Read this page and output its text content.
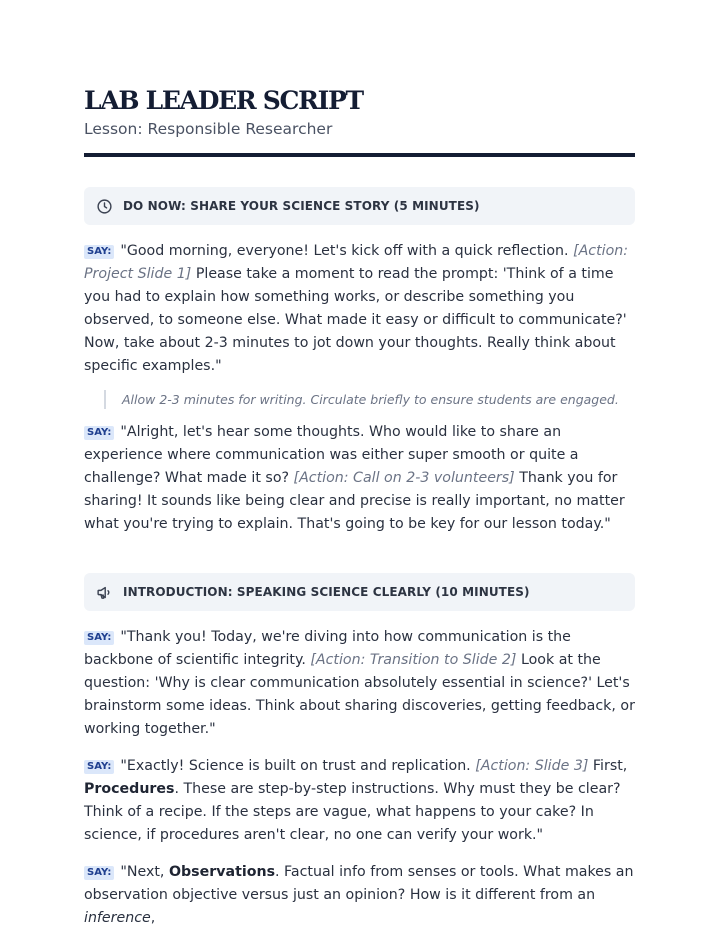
LAB LEADER SCRIPT
Lesson: Responsible Researcher
DO NOW: SHARE YOUR SCIENCE STORY (5 MINUTES)

SAY: "Good morning, everyone! Let's kick off with a quick reflection. [Action: Project Slide 1] Please take a moment to read the prompt: 'Think of a time you had to explain how something works, or describe something you observed, to someone else. What made it easy or difficult to communicate?' Now, take about 2-3 minutes to jot down your thoughts. Really think about specific examples."

Allow 2-3 minutes for writing. Circulate briefly to ensure students are engaged.

SAY: "Alright, let's hear some thoughts. Who would like to share an experience where communication was either super smooth or quite a challenge? What made it so? [Action: Call on 2-3 volunteers] Thank you for sharing! It sounds like being clear and precise is really important, no matter what you're trying to explain. That's going to be key for our lesson today."

INTRODUCTION: SPEAKING SCIENCE CLEARLY (10 MINUTES)

SAY: "Thank you! Today, we're diving into how communication is the backbone of scientific integrity. [Action: Transition to Slide 2] Look at the question: 'Why is clear communication absolutely essential in science?' Let's brainstorm some ideas. Think about sharing discoveries, getting feedback, or working together."

SAY: "Exactly! Science is built on trust and replication. [Action: Slide 3] First, Procedures. These are step-by-step instructions. Why must they be clear? Think of a recipe. If the steps are vague, what happens to your cake? In science, if procedures aren't clear, no one can verify your work."

SAY: "Next, Observations. Factual info from senses or tools. What makes an observation objective versus just an opinion? How is it different from an inference,
